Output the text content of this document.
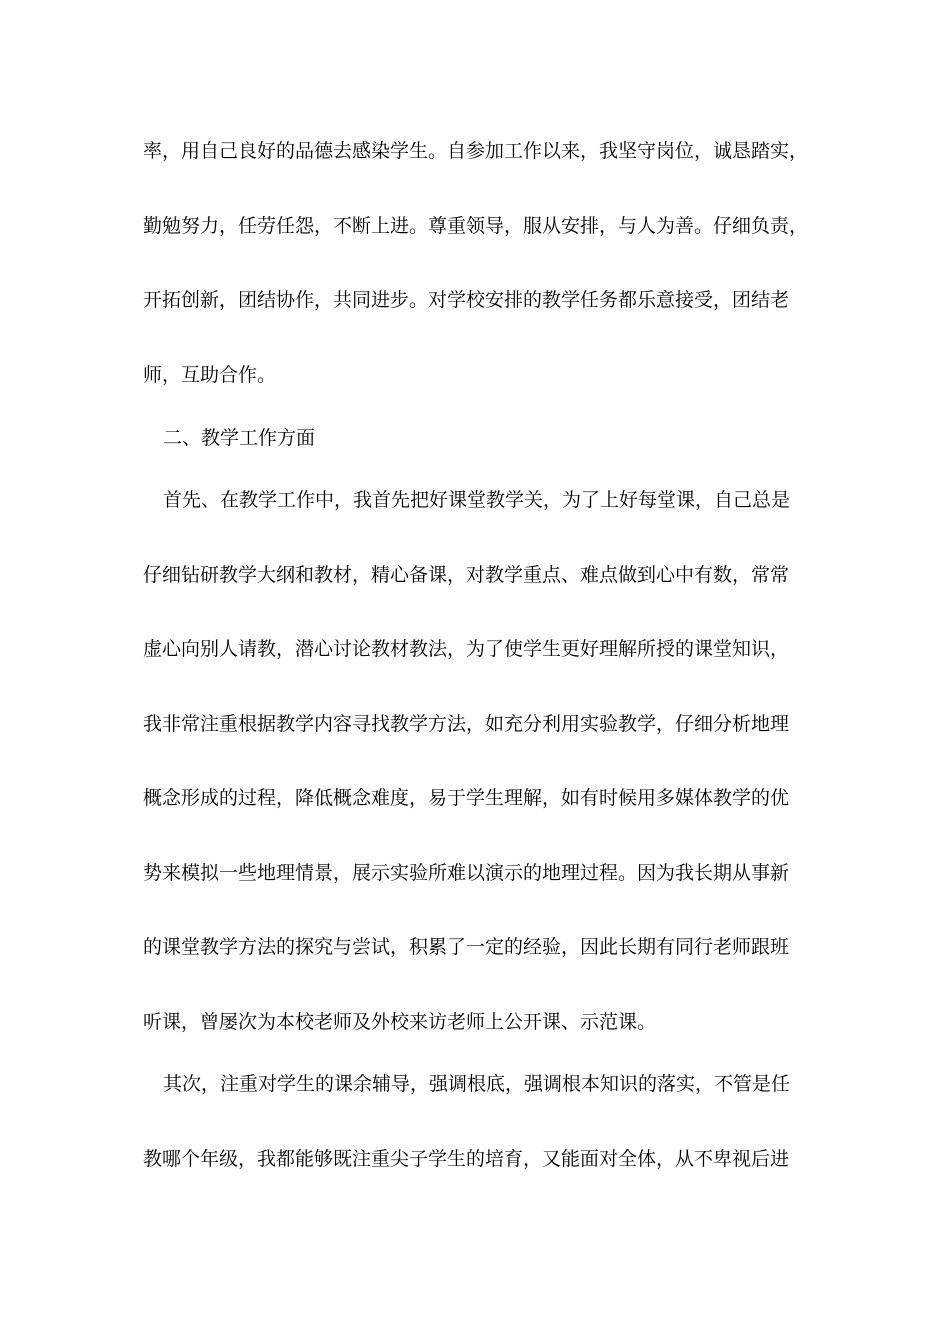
率，用自己良好的品德去感染学生。自参加工作以来，我坚守岗位，诚恳踏实，
勤勉努力，任劳任怨，不断上进。尊重领导，服从安排，与人为善。仔细负责，
开拓创新，团结协作，共同进步。对学校安排的教学任务都乐意接受，团结老
师，互助合作。
二、教学工作方面
首先、在教学工作中，我首先把好课堂教学关，为了上好每堂课，自己总是
仔细钻研教学大纲和教材，精心备课，对教学重点、难点做到心中有数，常常
虚心向别人请教，潜心讨论教材教法，为了使学生更好理解所授的课堂知识，
我非常注重根据教学内容寻找教学方法，如充分利用实验教学，仔细分析地理
概念形成的过程，降低概念难度，易于学生理解，如有时候用多媒体教学的优
势来模拟一些地理情景，展示实验所难以演示的地理过程。因为我长期从事新
的课堂教学方法的探究与尝试，积累了一定的经验，因此长期有同行老师跟班
听课，曾屡次为本校老师及外校来访老师上公开课、示范课。
其次，注重对学生的课余辅导，强调根底，强调根本知识的落实，不管是任
教哪个年级，我都能够既注重尖子学生的培育，又能面对全体，从不卑视后进
